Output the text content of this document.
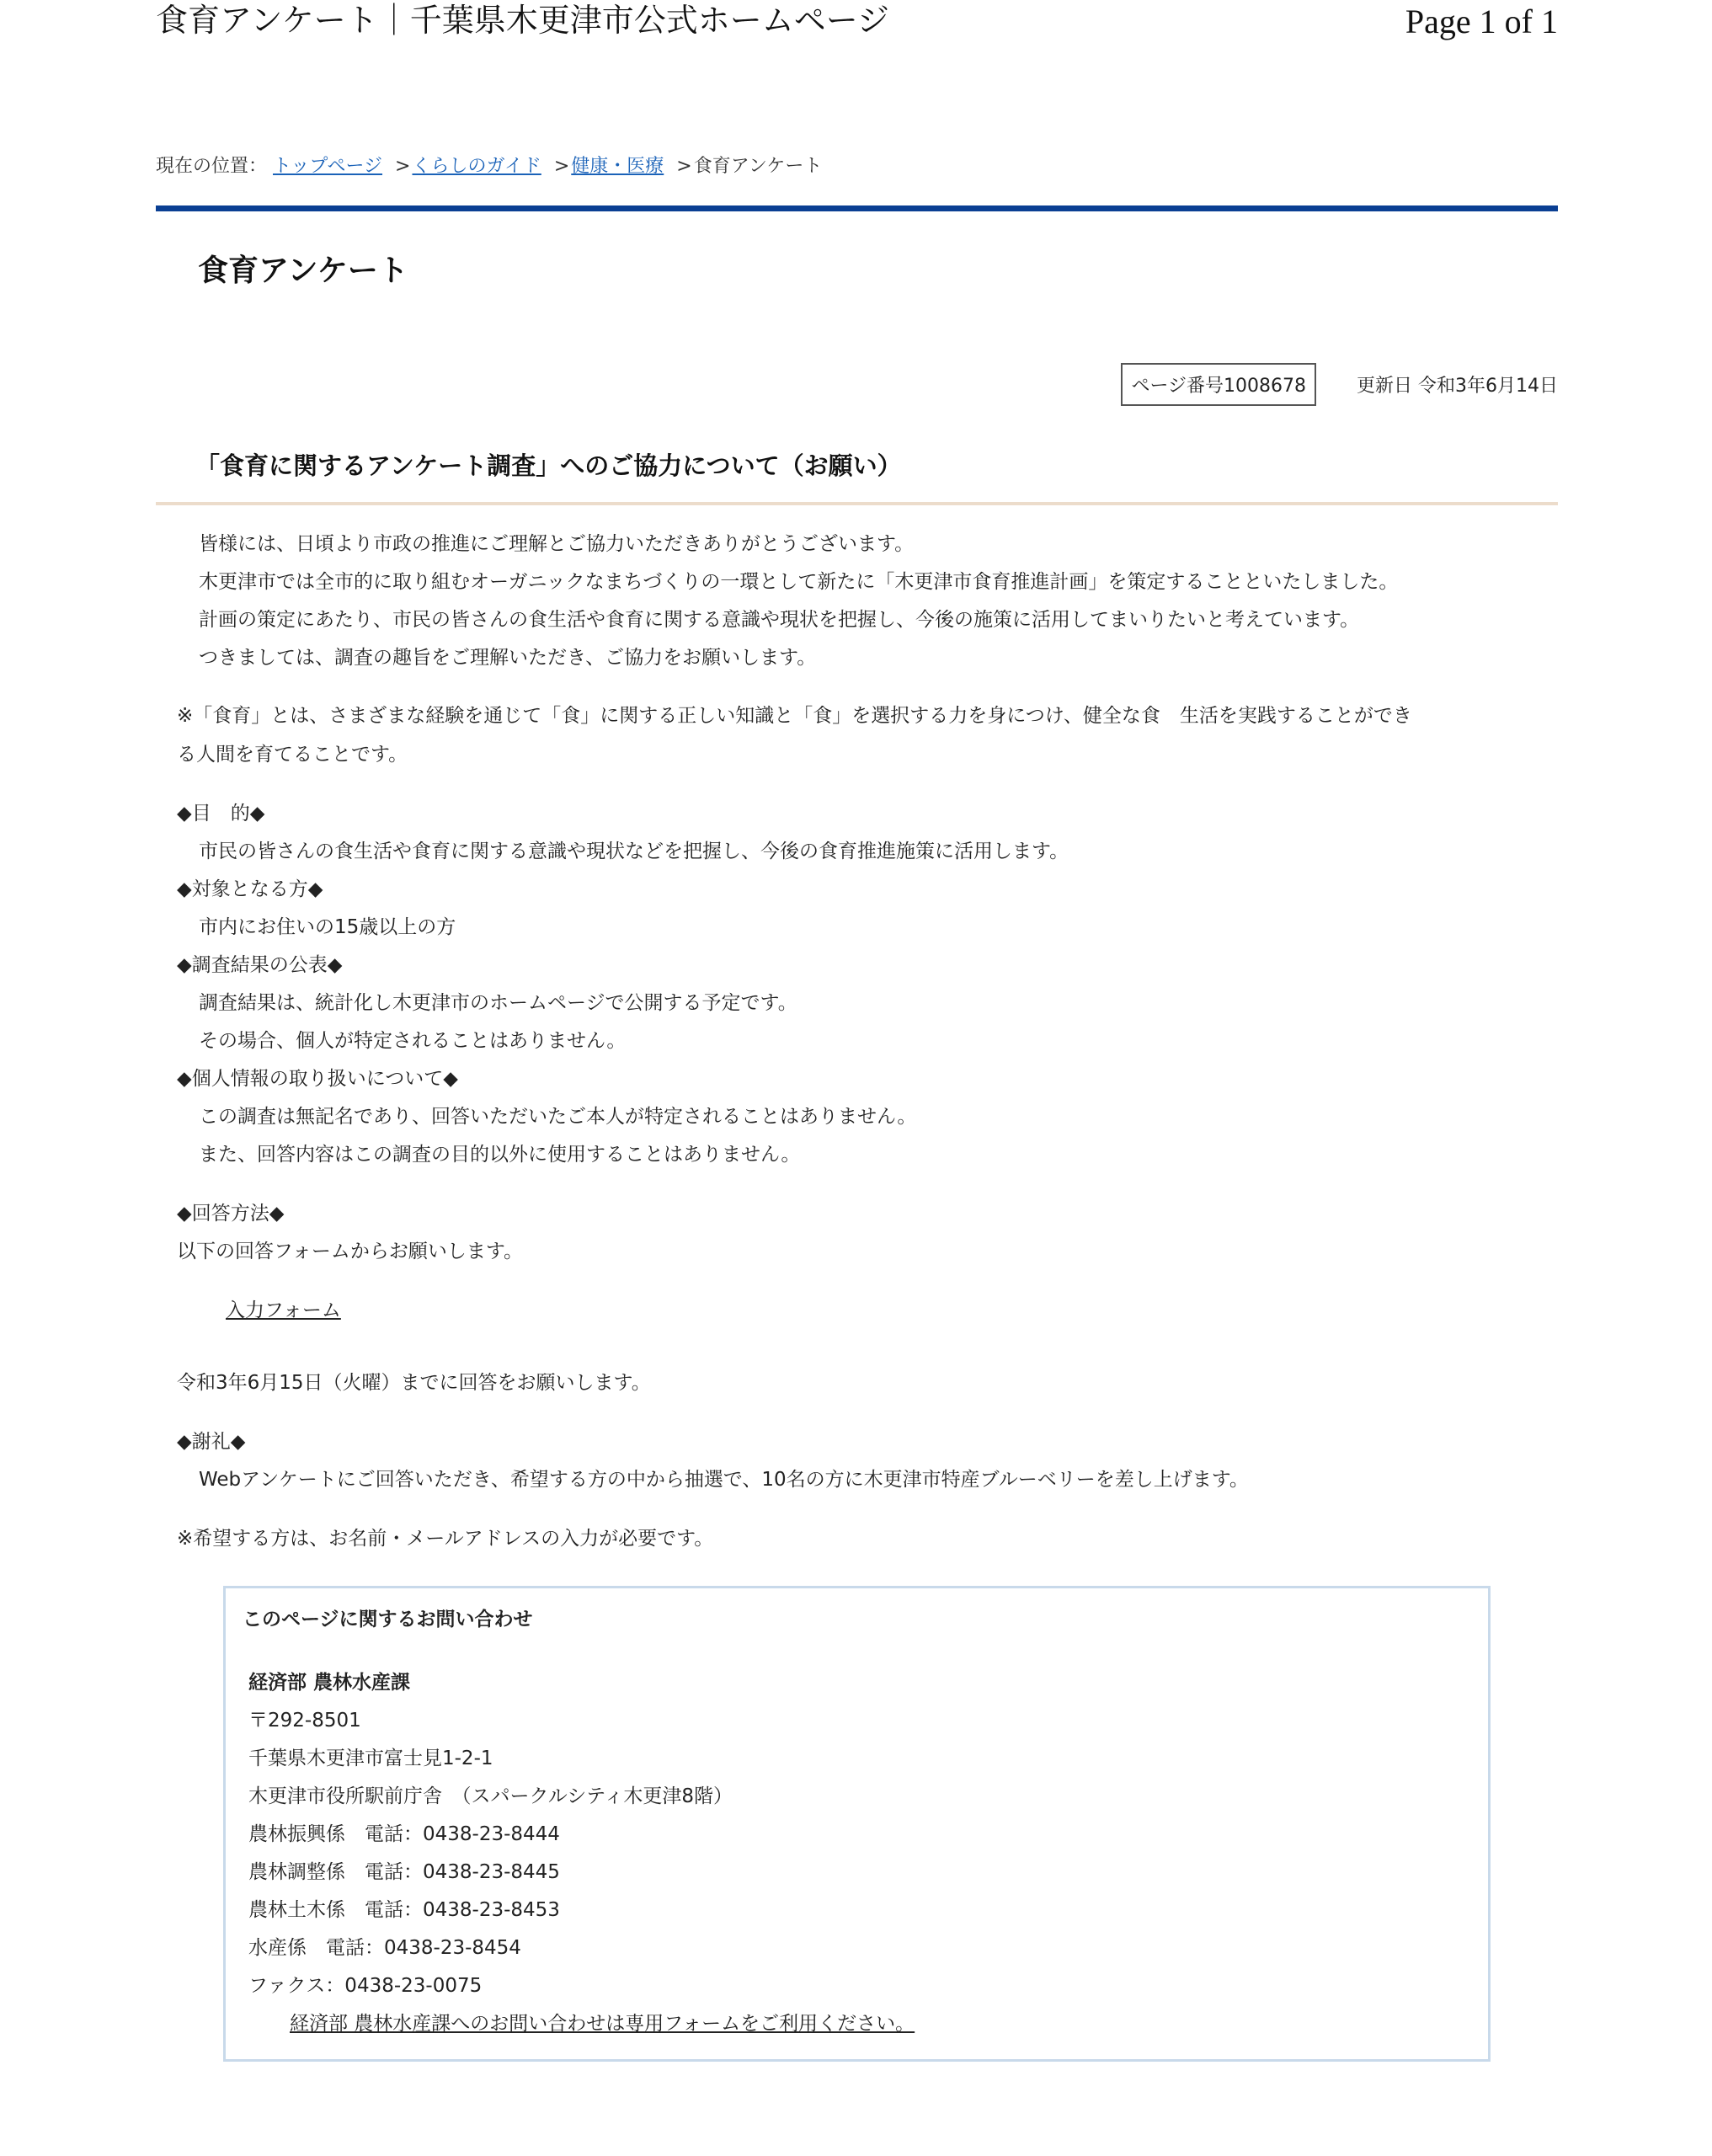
食育アンケート｜千葉県木更津市公式ホームページ	Page 1 of 1
現在の位置： トップページ >くらしのガイド >健康・医療 >食育アンケート
食育アンケート
ページ番号1008678	更新日 令和3年6月14日
「食育に関するアンケート調査」へのご協力について（お願い）
皆様には、日頃より市政の推進にご理解とご協力いただきありがとうございます。
木更津市では全市的に取り組むオーガニックなまちづくりの一環として新たに「木更津市食育推進計画」を策定することといたしました。
計画の策定にあたり、市民の皆さんの食生活や食育に関する意識や現状を把握し、今後の施策に活用してまいりたいと考えています。
つきましては、調査の趣旨をご理解いただき、ご協力をお願いします。
※「食育」とは、さまざまな経験を通じて「食」に関する正しい知識と「食」を選択する力を身につけ、健全な食　生活を実践することができ
る人間を育てることです。
◆目　的◆
市民の皆さんの食生活や食育に関する意識や現状などを把握し、今後の食育推進施策に活用します。
◆対象となる方◆
市内にお住いの15歳以上の方
◆調査結果の公表◆
調査結果は、統計化し木更津市のホームページで公開する予定です。
その場合、個人が特定されることはありません。
◆個人情報の取り扱いについて◆
この調査は無記名であり、回答いただいたご本人が特定されることはありません。
また、回答内容はこの調査の目的以外に使用することはありません。
◆回答方法◆
以下の回答フォームからお願いします。
入力フォーム
令和3年6月15日（火曜）までに回答をお願いします。
◆謝礼◆
Webアンケートにご回答いただき、希望する方の中から抽選で、10名の方に木更津市特産ブルーベリーを差し上げます。
※希望する方は、お名前・メールアドレスの入力が必要です。
このページに関するお問い合わせ
経済部 農林水産課
〒292-8501
千葉県木更津市富士見1-2-1
木更津市役所駅前庁舎　（スパークルシティ木更津8階）
農林振興係　電話：0438-23-8444
農林調整係　電話：0438-23-8445
農林土木係　電話：0438-23-8453
水産係　電話：0438-23-8454
ファクス：0438-23-0075
経済部 農林水産課へのお問い合わせは専用フォームをご利用ください。
